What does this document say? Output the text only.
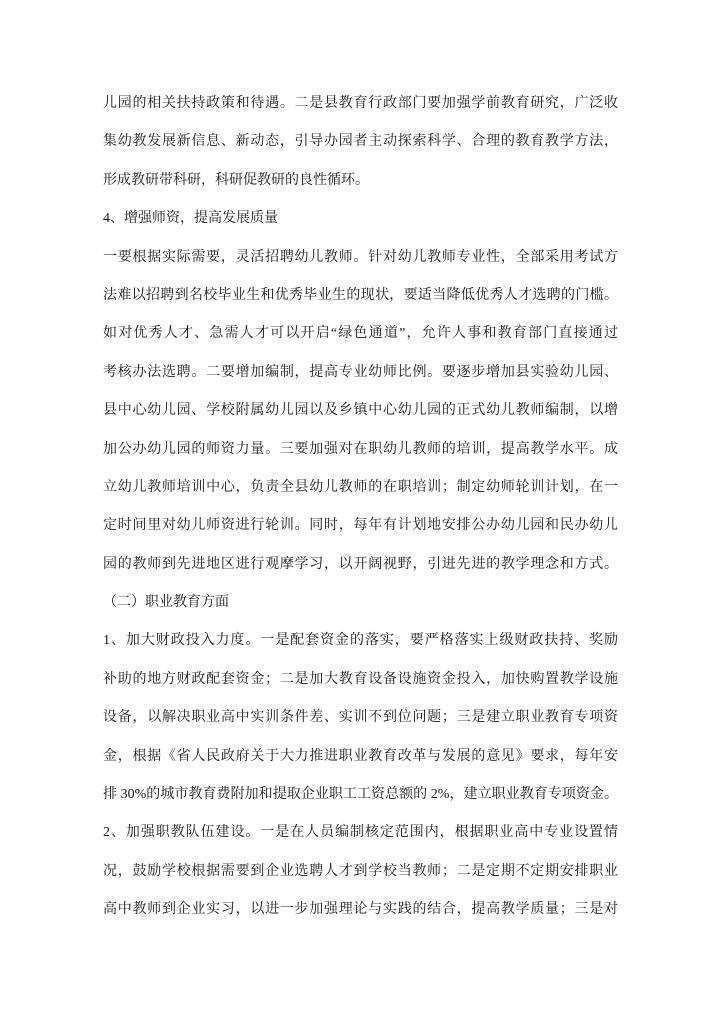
儿园的相关扶持政策和待遇。二是县教育行政部门要加强学前教育研究，广泛收
集幼教发展新信息、新动态，引导办园者主动探索科学、合理的教育教学方法，
形成教研带科研，科研促教研的良性循环。
4、增强师资，提高发展质量
一要根据实际需要，灵活招聘幼儿教师。针对幼儿教师专业性，全部采用考试方
法难以招聘到名校毕业生和优秀毕业生的现状，要适当降低优秀人才选聘的门槛。
如对优秀人才、急需人才可以开启“绿色通道”，允许人事和教育部门直接通过
考核办法选聘。二要增加编制，提高专业幼师比例。要逐步增加县实验幼儿园、
县中心幼儿园、学校附属幼儿园以及乡镇中心幼儿园的正式幼儿教师编制，以增
加公办幼儿园的师资力量。三要加强对在职幼儿教师的培训，提高教学水平。成
立幼儿教师培训中心，负责全县幼儿教师的在职培训；制定幼师轮训计划，在一
定时间里对幼儿师资进行轮训。同时，每年有计划地安排公办幼儿园和民办幼儿
园的教师到先进地区进行观摩学习，以开阔视野，引进先进的教学理念和方式。
（二）职业教育方面
1、加大财政投入力度。一是配套资金的落实，要严格落实上级财政扶持、奖励
补助的地方财政配套资金；二是加大教育设备设施资金投入，加快购置教学设施
设备，以解决职业高中实训条件差、实训不到位问题；三是建立职业教育专项资
金，根据《省人民政府关于大力推进职业教育改革与发展的意见》要求，每年安
排 30%的城市教育费附加和提取企业职工工资总额的 2%，建立职业教育专项资金。
2、加强职教队伍建设。一是在人员编制核定范围内，根据职业高中专业设置情
况，鼓励学校根据需要到企业选聘人才到学校当教师；二是定期不定期安排职业
高中教师到企业实习，以进一步加强理论与实践的结合，提高教学质量；三是对
